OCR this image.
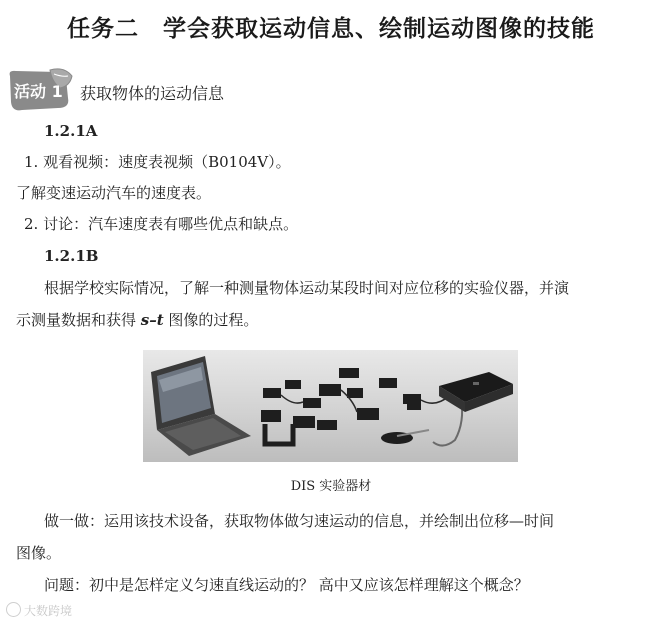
任务二　学会获取运动信息、绘制运动图像的技能
活动 1 获取物体的运动信息
1.2.1A
1. 观看视频：速度表视频（B0104V）。
了解变速运动汽车的速度表。
2. 讨论：汽车速度表有哪些优点和缺点。
1.2.1B
根据学校实际情况，了解一种测量物体运动某段时间对应位移的实验仪器，并演
示测量数据和获得 s–t 图像的过程。
DIS 实验器材
做一做：运用该技术设备，获取物体做匀速运动的信息，并绘制出位移—时间
图像。
问题：初中是怎样定义匀速直线运动的？ 高中又应该怎样理解这个概念？
大数跨境
